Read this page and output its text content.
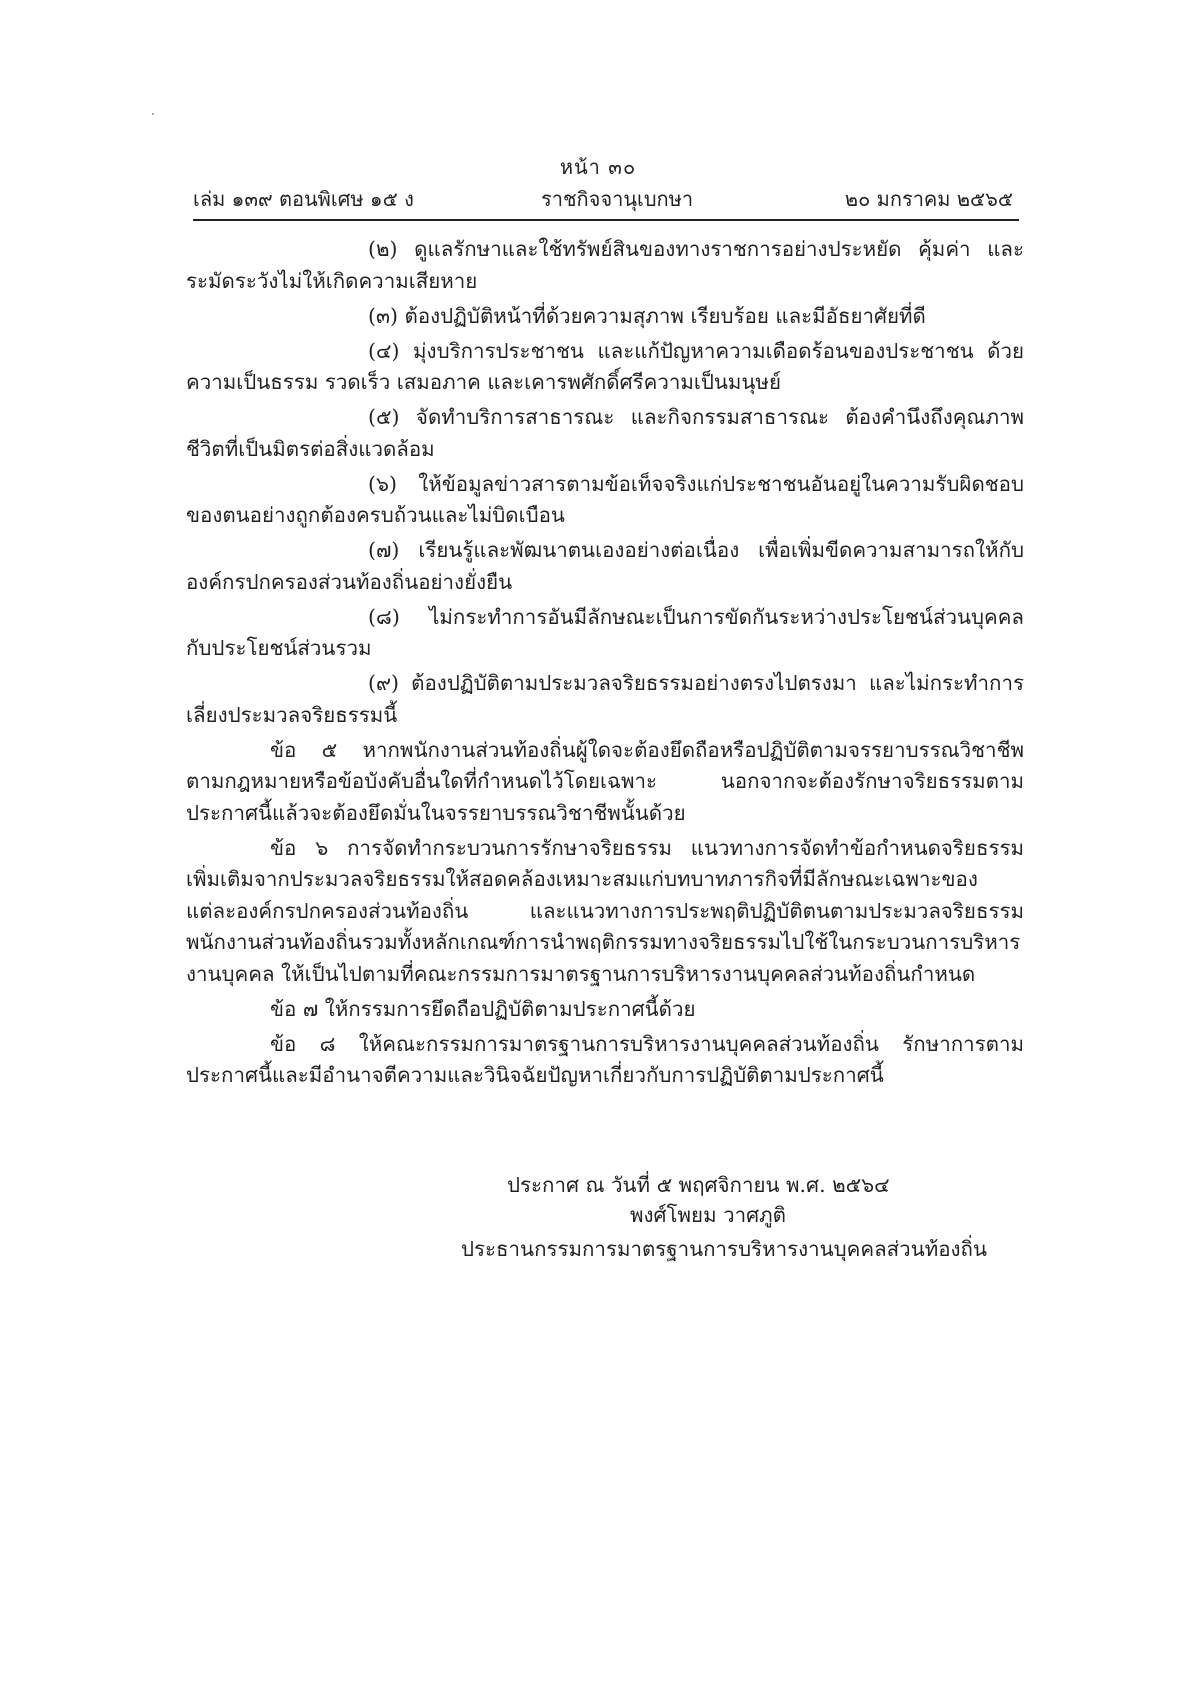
หน้า ๓๐
เล่ม ๑๓๙ ตอนพิเศษ ๑๕ ง	ราชกิจจานุเบกษา	๒๐ มกราคม ๒๕๖๕

(๒) ดูแลรักษาและใช้ทรัพย์สินของทางราชการอย่างประหยัด คุ้มค่า และระมัดระวังไม่ให้เกิดความเสียหาย

(๓) ต้องปฏิบัติหน้าที่ด้วยความสุภาพ เรียบร้อย และมีอัธยาศัยที่ดี

(๔) มุ่งบริการประชาชน และแก้ปัญหาความเดือดร้อนของประชาชน ด้วยความเป็นธรรม รวดเร็ว เสมอภาค และเคารพศักดิ์ศรีความเป็นมนุษย์

(๕) จัดทำบริการสาธารณะ และกิจกรรมสาธารณะ ต้องคำนึงถึงคุณภาพชีวิตที่เป็นมิตรต่อสิ่งแวดล้อม

(๖) ให้ข้อมูลข่าวสารตามข้อเท็จจริงแก่ประชาชนอันอยู่ในความรับผิดชอบของตนอย่างถูกต้องครบถ้วนและไม่บิดเบือน

(๗) เรียนรู้และพัฒนาตนเองอย่างต่อเนื่อง เพื่อเพิ่มขีดความสามารถให้กับองค์กรปกครองส่วนท้องถิ่นอย่างยั่งยืน

(๘) ไม่กระทำการอันมีลักษณะเป็นการขัดกันระหว่างประโยชน์ส่วนบุคคลกับประโยชน์ส่วนรวม

(๙) ต้องปฏิบัติตามประมวลจริยธรรมอย่างตรงไปตรงมา และไม่กระทำการเลี่ยงประมวลจริยธรรมนี้

ข้อ ๕ หากพนักงานส่วนท้องถิ่นผู้ใดจะต้องยึดถือหรือปฏิบัติตามจรรยาบรรณวิชาชีพตามกฎหมายหรือข้อบังคับอื่นใดที่กำหนดไว้โดยเฉพาะ นอกจากจะต้องรักษาจริยธรรมตามประกาศนี้แล้วจะต้องยึดมั่นในจรรยาบรรณวิชาชีพนั้นด้วย

ข้อ ๖ การจัดทำกระบวนการรักษาจริยธรรม แนวทางการจัดทำข้อกำหนดจริยธรรม เพิ่มเติมจากประมวลจริยธรรมให้สอดคล้องเหมาะสมแก่บทบาทภารกิจที่มีลักษณะเฉพาะของแต่ละองค์กรปกครองส่วนท้องถิ่น และแนวทางการประพฤติปฏิบัติตนตามประมวลจริยธรรมพนักงานส่วนท้องถิ่นรวมทั้งหลักเกณฑ์การนำพฤติกรรมทางจริยธรรมไปใช้ในกระบวนการบริหารงานบุคคล ให้เป็นไปตามที่คณะกรรมการมาตรฐานการบริหารงานบุคคลส่วนท้องถิ่นกำหนด

ข้อ ๗ ให้กรรมการยึดถือปฏิบัติตามประกาศนี้ด้วย

ข้อ ๘ ให้คณะกรรมการมาตรฐานการบริหารงานบุคคลส่วนท้องถิ่น รักษาการตามประกาศนี้และมีอำนาจตีความและวินิจฉัยปัญหาเกี่ยวกับการปฏิบัติตามประกาศนี้

ประกาศ ณ วันที่ ๕ พฤศจิกายน พ.ศ. ๒๕๖๔
พงศ์โพยม วาศภูติ
ประธานกรรมการมาตรฐานการบริหารงานบุคคลส่วนท้องถิ่น
